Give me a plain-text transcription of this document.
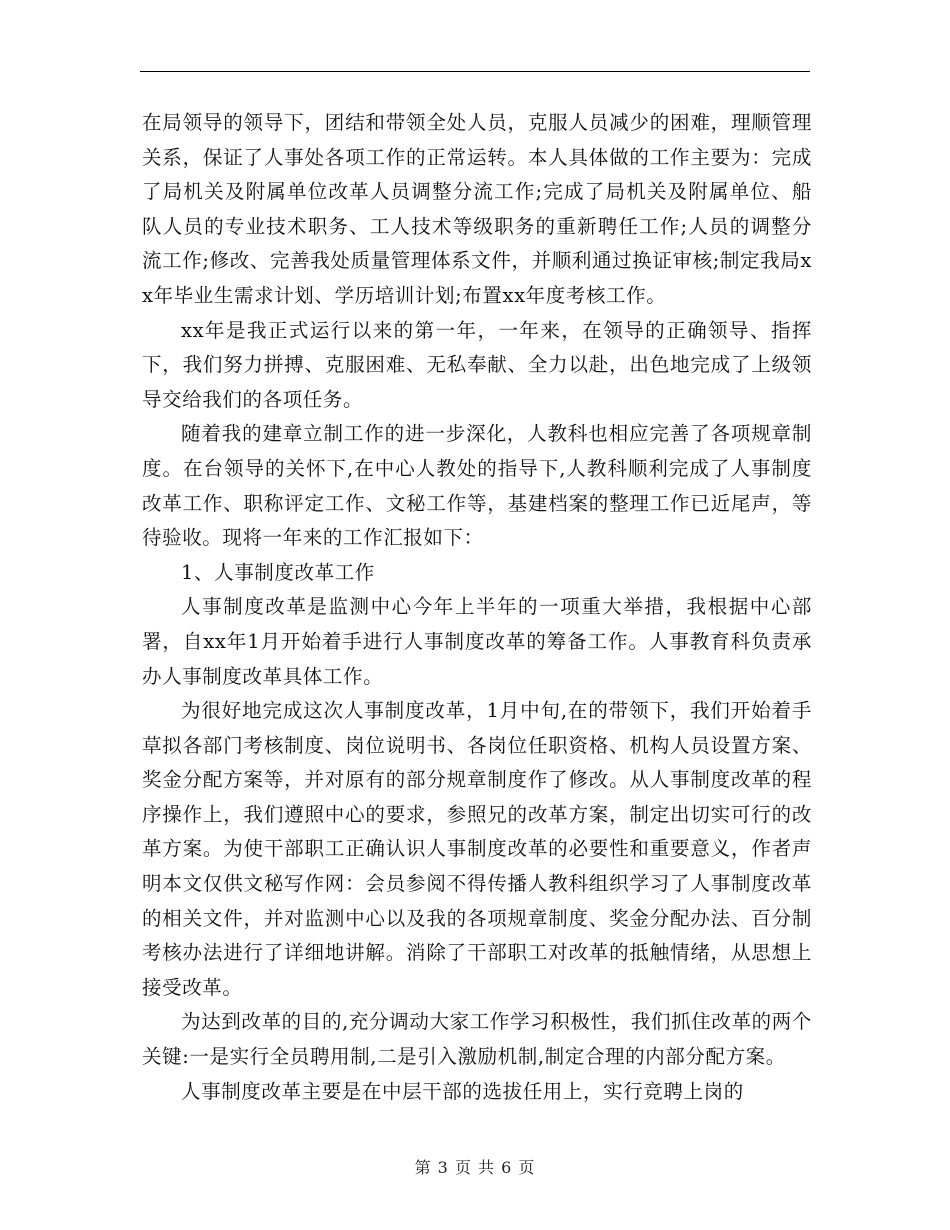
在局领导的领导下，团结和带领全处人员，克服人员减少的困难，理顺管理关系，保证了人事处各项工作的正常运转。本人具体做的工作主要为：完成了局机关及附属单位改革人员调整分流工作;完成了局机关及附属单位、船队人员的专业技术职务、工人技术等级职务的重新聘任工作;人员的调整分流工作;修改、完善我处质量管理体系文件，并顺利通过换证审核;制定我局xx年毕业生需求计划、学历培训计划;布置xx年度考核工作。

xx年是我正式运行以来的第一年，一年来，在领导的正确领导、指挥下，我们努力拼搏、克服困难、无私奉献、全力以赴，出色地完成了上级领导交给我们的各项任务。

随着我的建章立制工作的进一步深化，人教科也相应完善了各项规章制度。在台领导的关怀下,在中心人教处的指导下,人教科顺利完成了人事制度改革工作、职称评定工作、文秘工作等，基建档案的整理工作已近尾声，等待验收。现将一年来的工作汇报如下：

1、人事制度改革工作

人事制度改革是监测中心今年上半年的一项重大举措，我根据中心部署，自xx年1月开始着手进行人事制度改革的筹备工作。人事教育科负责承办人事制度改革具体工作。

为很好地完成这次人事制度改革，1月中旬,在的带领下，我们开始着手草拟各部门考核制度、岗位说明书、各岗位任职资格、机构人员设置方案、奖金分配方案等，并对原有的部分规章制度作了修改。从人事制度改革的程序操作上，我们遵照中心的要求，参照兄的改革方案，制定出切实可行的改革方案。为使干部职工正确认识人事制度改革的必要性和重要意义，作者声明本文仅供文秘写作网：会员参阅不得传播人教科组织学习了人事制度改革的相关文件，并对监测中心以及我的各项规章制度、奖金分配办法、百分制考核办法进行了详细地讲解。消除了干部职工对改革的抵触情绪，从思想上接受改革。

为达到改革的目的,充分调动大家工作学习积极性，我们抓住改革的两个关键:一是实行全员聘用制,二是引入激励机制,制定合理的内部分配方案。

人事制度改革主要是在中层干部的选拔任用上，实行竞聘上岗的

第 3 页 共 6 页
